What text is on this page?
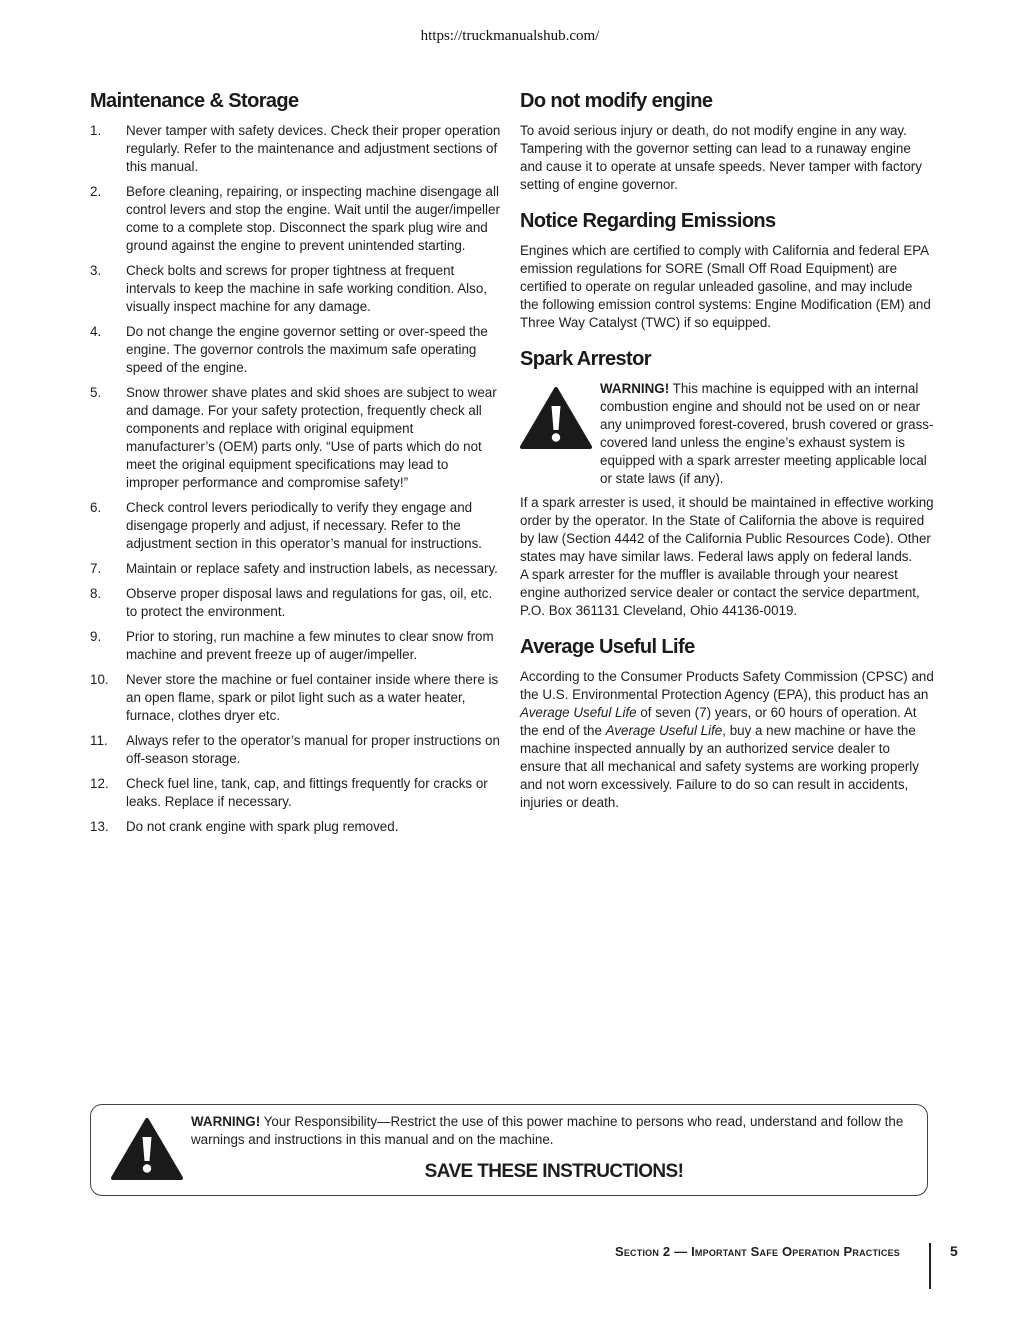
https://truckmanualshub.com/
Maintenance & Storage
1. Never tamper with safety devices. Check their proper operation regularly. Refer to the maintenance and adjustment sections of this manual.
2. Before cleaning, repairing, or inspecting machine disengage all control levers and stop the engine. Wait until the auger/impeller come to a complete stop. Disconnect the spark plug wire and ground against the engine to prevent unintended starting.
3. Check bolts and screws for proper tightness at frequent intervals to keep the machine in safe working condition. Also, visually inspect machine for any damage.
4. Do not change the engine governor setting or over-speed the engine. The governor controls the maximum safe operating speed of the engine.
5. Snow thrower shave plates and skid shoes are subject to wear and damage. For your safety protection, frequently check all components and replace with original equipment manufacturer’s (OEM) parts only. “Use of parts which do not meet the original equipment specifications may lead to improper performance and compromise safety!”
6. Check control levers periodically to verify they engage and disengage properly and adjust, if necessary. Refer to the adjustment section in this operator’s manual for instructions.
7. Maintain or replace safety and instruction labels, as necessary.
8. Observe proper disposal laws and regulations for gas, oil, etc. to protect the environment.
9. Prior to storing, run machine a few minutes to clear snow from machine and prevent freeze up of auger/impeller.
10. Never store the machine or fuel container inside where there is an open flame, spark or pilot light such as a water heater, furnace, clothes dryer etc.
11. Always refer to the operator’s manual for proper instructions on off-season storage.
12. Check fuel line, tank, cap, and fittings frequently for cracks or leaks. Replace if necessary.
13. Do not crank engine with spark plug removed.
Do not modify engine

To avoid serious injury or death, do not modify engine in any way. Tampering with the governor setting can lead to a runaway engine and cause it to operate at unsafe speeds. Never tamper with factory setting of engine governor.

Notice Regarding Emissions

Engines which are certified to comply with California and federal EPA emission regulations for SORE (Small Off Road Equipment) are certified to operate on regular unleaded gasoline, and may include the following emission control systems: Engine Modification (EM) and Three Way Catalyst (TWC) if so equipped.

Spark Arrestor

WARNING! This machine is equipped with an internal combustion engine and should not be used on or near any unimproved forest-covered, brush covered or grass-covered land unless the engine’s exhaust system is equipped with a spark arrester meeting applicable local or state laws (if any).

If a spark arrester is used, it should be maintained in effective working order by the operator. In the State of California the above is required by law (Section 4442 of the California Public Resources Code). Other states may have similar laws. Federal laws apply on federal lands.

A spark arrester for the muffler is available through your nearest engine authorized service dealer or contact the service department, P.O. Box 361131 Cleveland, Ohio 44136-0019.

Average Useful Life

According to the Consumer Products Safety Commission (CPSC) and the U.S. Environmental Protection Agency (EPA), this product has an Average Useful Life of seven (7) years, or 60 hours of operation. At the end of the Average Useful Life, buy a new machine or have the machine inspected annually by an authorized service dealer to ensure that all mechanical and safety systems are working properly and not worn excessively. Failure to do so can result in accidents, injuries or death.

WARNING! Your Responsibility—Restrict the use of this power machine to persons who read, understand and follow the warnings and instructions in this manual and on the machine.

SAVE THESE INSTRUCTIONS!
Section 2 — Important Safe Operation Practices	5
